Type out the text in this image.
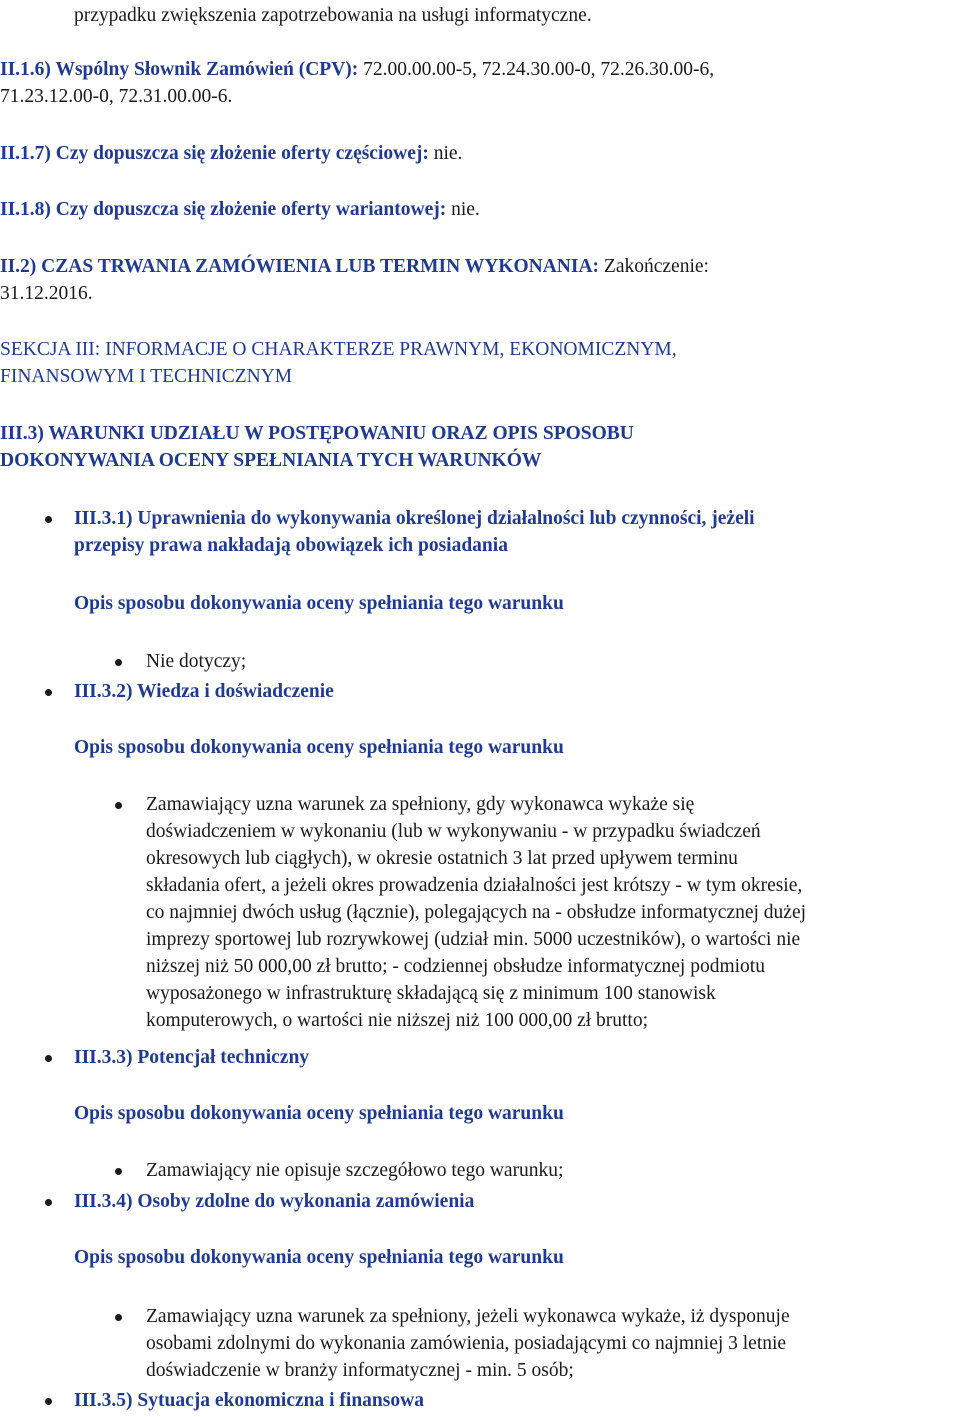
przypadku zwiększenia zapotrzebowania na usługi informatyczne.
II.1.6) Wspólny Słownik Zamówień (CPV): 72.00.00.00-5, 72.24.30.00-0, 72.26.30.00-6,
71.23.12.00-0, 72.31.00.00-6.
II.1.7) Czy dopuszcza się złożenie oferty częściowej: nie.
II.1.8) Czy dopuszcza się złożenie oferty wariantowej: nie.
II.2) CZAS TRWANIA ZAMÓWIENIA LUB TERMIN WYKONANIA: Zakończenie:
31.12.2016.
SEKCJA III: INFORMACJE O CHARAKTERZE PRAWNYM, EKONOMICZNYM,
FINANSOWYM I TECHNICZNYM
III.3) WARUNKI UDZIAŁU W POSTĘPOWANIU ORAZ OPIS SPOSOBU
DOKONYWANIA OCENY SPEŁNIANIA TYCH WARUNKÓW
III.3.1) Uprawnienia do wykonywania określonej działalności lub czynności, jeżeli
przepisy prawa nakładają obowiązek ich posiadania
Opis sposobu dokonywania oceny spełniania tego warunku
Nie dotyczy;
III.3.2) Wiedza i doświadczenie
Opis sposobu dokonywania oceny spełniania tego warunku
Zamawiający uzna warunek za spełniony, gdy wykonawca wykaże się
doświadczeniem w wykonaniu (lub w wykonywaniu - w przypadku świadczeń
okresowych lub ciągłych), w okresie ostatnich 3 lat przed upływem terminu
składania ofert, a jeżeli okres prowadzenia działalności jest krótszy - w tym okresie,
co najmniej dwóch usług (łącznie), polegających na - obsłudze informatycznej dużej
imprezy sportowej lub rozrywkowej (udział min. 5000 uczestników), o wartości nie
niższej niż 50 000,00 zł brutto; - codziennej obsłudze informatycznej podmiotu
wyposażonego w infrastrukturę składającą się z minimum 100 stanowisk
komputerowych, o wartości nie niższej niż 100 000,00 zł brutto;
III.3.3) Potencjał techniczny
Opis sposobu dokonywania oceny spełniania tego warunku
Zamawiający nie opisuje szczegółowo tego warunku;
III.3.4) Osoby zdolne do wykonania zamówienia
Opis sposobu dokonywania oceny spełniania tego warunku
Zamawiający uzna warunek za spełniony, jeżeli wykonawca wykaże, iż dysponuje
osobami zdolnymi do wykonania zamówienia, posiadającymi co najmniej 3 letnie
doświadczenie w branży informatycznej - min. 5 osób;
III.3.5) Sytuacja ekonomiczna i finansowa
